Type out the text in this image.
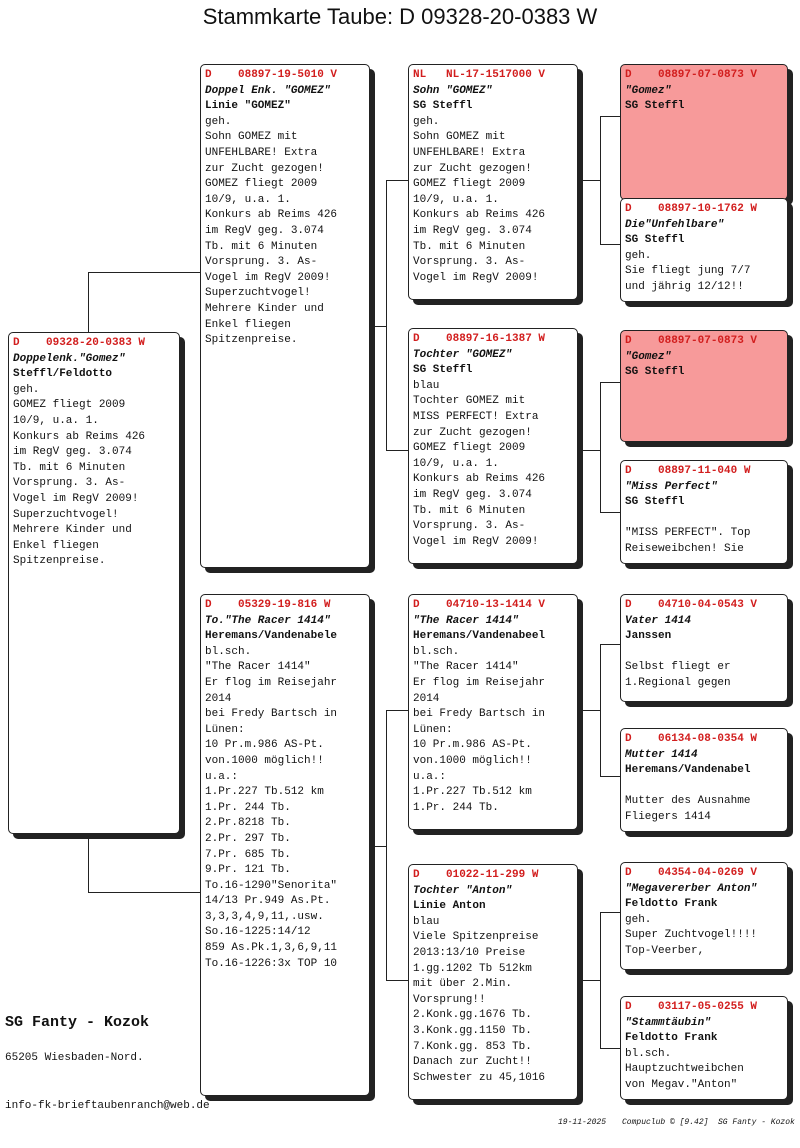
Stammkarte Taube: D 09328-20-0383 W
D    09328-20-0383 W
Doppelenk."Gomez"
Steffl/Feldotto
geh.
GOMEZ fliegt 2009
10/9, u.a. 1.
Konkurs ab Reims 426
im RegV geg. 3.074
Tb. mit 6 Minuten
Vorsprung. 3. As-
Vogel im RegV 2009!
Superzuchtvogel!
Mehrere Kinder und
Enkel fliegen
Spitzenpreise.
D    08897-19-5010 V
Doppel Enk. "GOMEZ"
Linie "GOMEZ"
geh.
Sohn GOMEZ mit
UNFEHLBARE! Extra
zur Zucht gezogen!
GOMEZ fliegt 2009
10/9, u.a. 1.
Konkurs ab Reims 426
im RegV geg. 3.074
Tb. mit 6 Minuten
Vorsprung. 3. As-
Vogel im RegV 2009!
Superzuchtvogel!
Mehrere Kinder und
Enkel fliegen
Spitzenpreise.
D    05329-19-816 W
To."The Racer 1414"
Heremans/Vandenabele
bl.sch.
"The Racer 1414"
Er flog im Reisejahr
2014
bei Fredy Bartsch in
Lünen:
10 Pr.m.986 AS-Pt.
von.1000 möglich!!
u.a.:
1.Pr.227 Tb.512 km
1.Pr. 244 Tb.
2.Pr.8218 Tb.
2.Pr. 297 Tb.
7.Pr. 685 Tb.
9.Pr. 121 Tb.
To.16-1290"Senorita"
14/13 Pr.949 As.Pt.
3,3,3,4,9,11,.usw.
So.16-1225:14/12
859 As.Pk.1,3,6,9,11
To.16-1226:3x TOP 10
NL   NL-17-1517000 V
Sohn "GOMEZ"
SG Steffl
geh.
Sohn GOMEZ mit
UNFEHLBARE! Extra
zur Zucht gezogen!
GOMEZ fliegt 2009
10/9, u.a. 1.
Konkurs ab Reims 426
im RegV geg. 3.074
Tb. mit 6 Minuten
Vorsprung. 3. As-
Vogel im RegV 2009!
D    08897-16-1387 W
Tochter "GOMEZ"
SG Steffl
blau
Tochter GOMEZ mit
MISS PERFECT! Extra
zur Zucht gezogen!
GOMEZ fliegt 2009
10/9, u.a. 1.
Konkurs ab Reims 426
im RegV geg. 3.074
Tb. mit 6 Minuten
Vorsprung. 3. As-
Vogel im RegV 2009!
D    04710-13-1414 V
"The Racer 1414"
Heremans/Vandenabeel
bl.sch.
"The Racer 1414"
Er flog im Reisejahr
2014
bei Fredy Bartsch in
Lünen:
10 Pr.m.986 AS-Pt.
von.1000 möglich!!
u.a.:
1.Pr.227 Tb.512 km
1.Pr. 244 Tb.
D    01022-11-299 W
Tochter "Anton"
Linie Anton
blau
Viele Spitzenpreise
2013:13/10 Preise
1.gg.1202 Tb 512km
mit über 2.Min.
Vorsprung!!
2.Konk.gg.1676 Tb.
3.Konk.gg.1150 Tb.
7.Konk.gg. 853 Tb.
Danach zur Zucht!!
Schwester zu 45,1016
D    08897-07-0873 V
"Gomez"
SG Steffl
D    08897-10-1762 W
Die"Unfehlbare"
SG Steffl
geh.
Sie fliegt jung 7/7
und jährig 12/12!!
D    08897-07-0873 V
"Gomez"
SG Steffl
D    08897-11-040 W
"Miss Perfect"
SG Steffl
"MISS PERFECT". Top
Reiseweibchen! Sie
D    04710-04-0543 V
Vater 1414
Janssen
Selbst fliegt er
1.Regional gegen
D    06134-08-0354 W
Mutter 1414
Heremans/Vandenabel
Mutter des Ausnahme
Fliegers 1414
D    04354-04-0269 V
"Megavererber Anton"
Feldotto Frank
geh.
Super Zuchtvogel!!!!
Top-Veerber,
D    03117-05-0255 W
"Stammtäubin"
Feldotto Frank
bl.sch.
Hauptzuchtweibchen
von Megav."Anton"
SG Fanty - Kozok
65205 Wiesbaden-Nord.
info-fk-brieftaubenranch@web.de
19-11-2025 Compuclub © [9.42] SG Fanty - Kozok
